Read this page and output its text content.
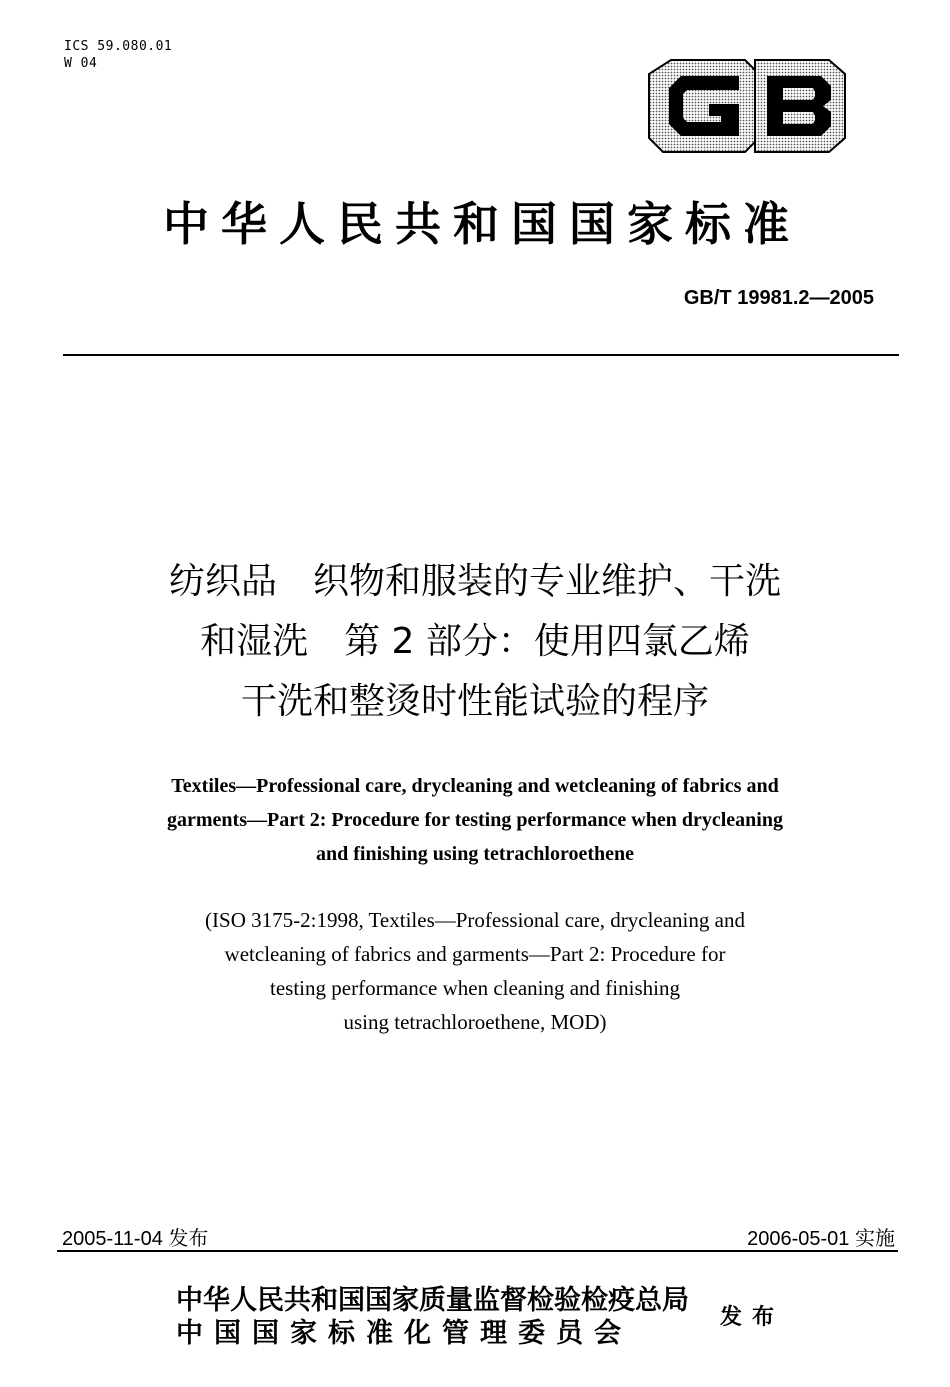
ICS 59.080.01
W 04
中华人民共和国国家标准
GB/T 19981.2—2005
纺织品　织物和服装的专业维护、干洗
和湿洗　第 2 部分：使用四氯乙烯
干洗和整烫时性能试验的程序
Textiles—Professional care, drycleaning and wetcleaning of fabrics and
garments—Part 2: Procedure for testing performance when drycleaning
and finishing using tetrachloroethene
(ISO 3175-2:1998, Textiles—Professional care, drycleaning and
wetcleaning of fabrics and garments—Part 2: Procedure for
testing performance when cleaning and finishing
using tetrachloroethene, MOD)
2005-11-04 发布	2006-05-01 实施
中华人民共和国国家质量监督检验检疫总局
中国国家标准化管理委员会
发布
